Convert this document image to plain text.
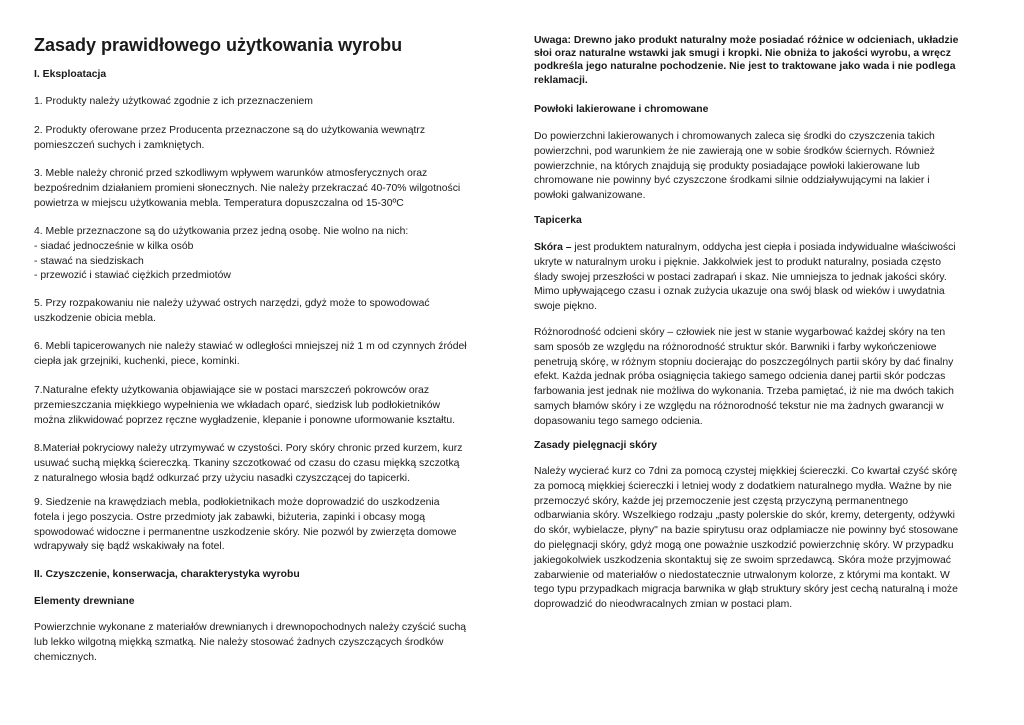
Zasady prawidłowego użytkowania wyrobu

I. Eksploatacja

1. Produkty należy użytkować zgodnie z ich przeznaczeniem

2. Produkty oferowane przez Producenta przeznaczone są do użytkowania wewnątrz
pomieszczeń suchych i zamkniętych.
3. Meble należy chronić przed szkodliwym wpływem warunków atmosferycznych oraz
bezpośrednim działaniem promieni słonecznych. Nie należy przekraczać 40-70% wilgotności
powietrza w miejscu użytkowania mebla. Temperatura dopuszczalna od 15-30ºC
4. Meble przeznaczone są do użytkowania przez jedną osobę. Nie wolno na nich:
- siadać jednocześnie w kilka osób
- stawać na siedziskach
- przewozić i stawiać ciężkich przedmiotów
5. Przy rozpakowaniu nie należy używać ostrych narzędzi, gdyż może to spowodować
uszkodzenie obicia mebla.
6. Mebli tapicerowanych nie należy stawiać w odległości mniejszej niż 1 m od czynnych źródeł
ciepła jak grzejniki, kuchenki, piece, kominki.
7.Naturalne efekty użytkowania objawiające sie w postaci marszczeń pokrowców oraz
przemieszczania miękkiego wypełnienia we wkładach oparć, siedzisk lub podłokietników
można zlikwidować poprzez ręczne wygładzenie, klepanie i ponowne uformowanie kształtu.
8.Materiał pokryciowy należy utrzymywać w czystości. Pory skóry chronic przed kurzem, kurz
usuwać suchą miękką ściereczką. Tkaniny szczotkować od czasu do czasu miękką szczotką
z naturalnego włosia bądź odkurzać przy użyciu nasadki czyszczącej do tapicerki.
9. Siedzenie na krawędziach mebla, podłokietnikach może doprowadzić do uszkodzenia
fotela i jego poszycia. Ostre przedmioty jak zabawki, biżuteria, zapinki i obcasy mogą
spowodować widoczne i permanentne uszkodzenie skóry. Nie pozwól by zwierzęta domowe
wdrapywały się bądź wskakiwały na fotel.

II. Czyszczenie, konserwacja, charakterystyka wyrobu

Elementy drewniane

Powierzchnie wykonane z materiałów drewnianych i drewnopochodnych należy czyścić suchą
lub lekko wilgotną miękką szmatką. Nie należy stosować żadnych czyszczących środków
chemicznych.
Uwaga: Drewno jako produkt naturalny może posiadać różnice w odcieniach, układzie
słoi oraz naturalne wstawki jak smugi i kropki. Nie obniża to jakości wyrobu, a wręcz
podkreśla jego naturalne pochodzenie. Nie jest to traktowane jako wada i nie podlega
reklamacji.

Powłoki lakierowane i chromowane

Do powierzchni lakierowanych i chromowanych zaleca się środki do czyszczenia takich
powierzchni, pod warunkiem że nie zawierają one w sobie środków ściernych. Również
powierzchnie, na których znajdują się produkty posiadające powłoki lakierowane lub
chromowane nie powinny być czyszczone środkami silnie oddziaływującymi na lakier i
powłoki galwanizowane.

Tapicerka

Skóra – jest produktem naturalnym, oddycha jest ciepła i posiada indywidualne właściwości
ukryte w naturalnym uroku i pięknie. Jakkolwiek jest to produkt naturalny, posiada często
ślady swojej przeszłości w postaci zadrapań i skaz. Nie umniejsza to jednak jakości skóry.
Mimo upływającego czasu i oznak zużycia ukazuje ona swój blask od wieków i uwydatnia
swoje piękno.
Różnorodność odcieni skóry – człowiek nie jest w stanie wygarbować każdej skóry na ten
sam sposób ze względu na różnorodność struktur skór. Barwniki i farby wykończeniowe
penetrują skórę, w różnym stopniu docierając do poszczególnych partii skóry by dać finalny
efekt. Każda jednak próba osiągnięcia takiego samego odcienia danej partii skór podczas
farbowania jest jednak nie możliwa do wykonania. Trzeba pamiętać, iż nie ma dwóch takich
samych błamów skóry i ze względu na różnorodność tekstur nie ma żadnych gwarancji w
dopasowaniu tego samego odcienia.

Zasady pielęgnacji skóry

Należy wycierać kurz co 7dni za pomocą czystej miękkiej ściereczki. Co kwartał czyść skórę
za pomocą miękkiej ściereczki i letniej wody z dodatkiem naturalnego mydła. Ważne by nie
przemoczyć skóry, każde jej przemoczenie jest częstą przyczyną permanentnego
odbarwiania skóry. Wszelkiego rodzaju „pasty polerskie do skór, kremy, detergenty, odżywki
do skór, wybielacze, płyny" na bazie spirytusu oraz odplamiacze nie powinny być stosowane
do pielęgnacji skóry, gdyż mogą one poważnie uszkodzić powierzchnię skóry. W przypadku
jakiegokolwiek uszkodzenia skontaktuj się ze swoim sprzedawcą. Skóra może przyjmować
zabarwienie od materiałów o niedostatecznie utrwalonym kolorze, z którymi ma kontakt. W
tego typu przypadkach migracja barwnika w głąb struktury skóry jest cechą naturalną i może
doprowadzić do nieodwracalnych zmian w postaci plam.
